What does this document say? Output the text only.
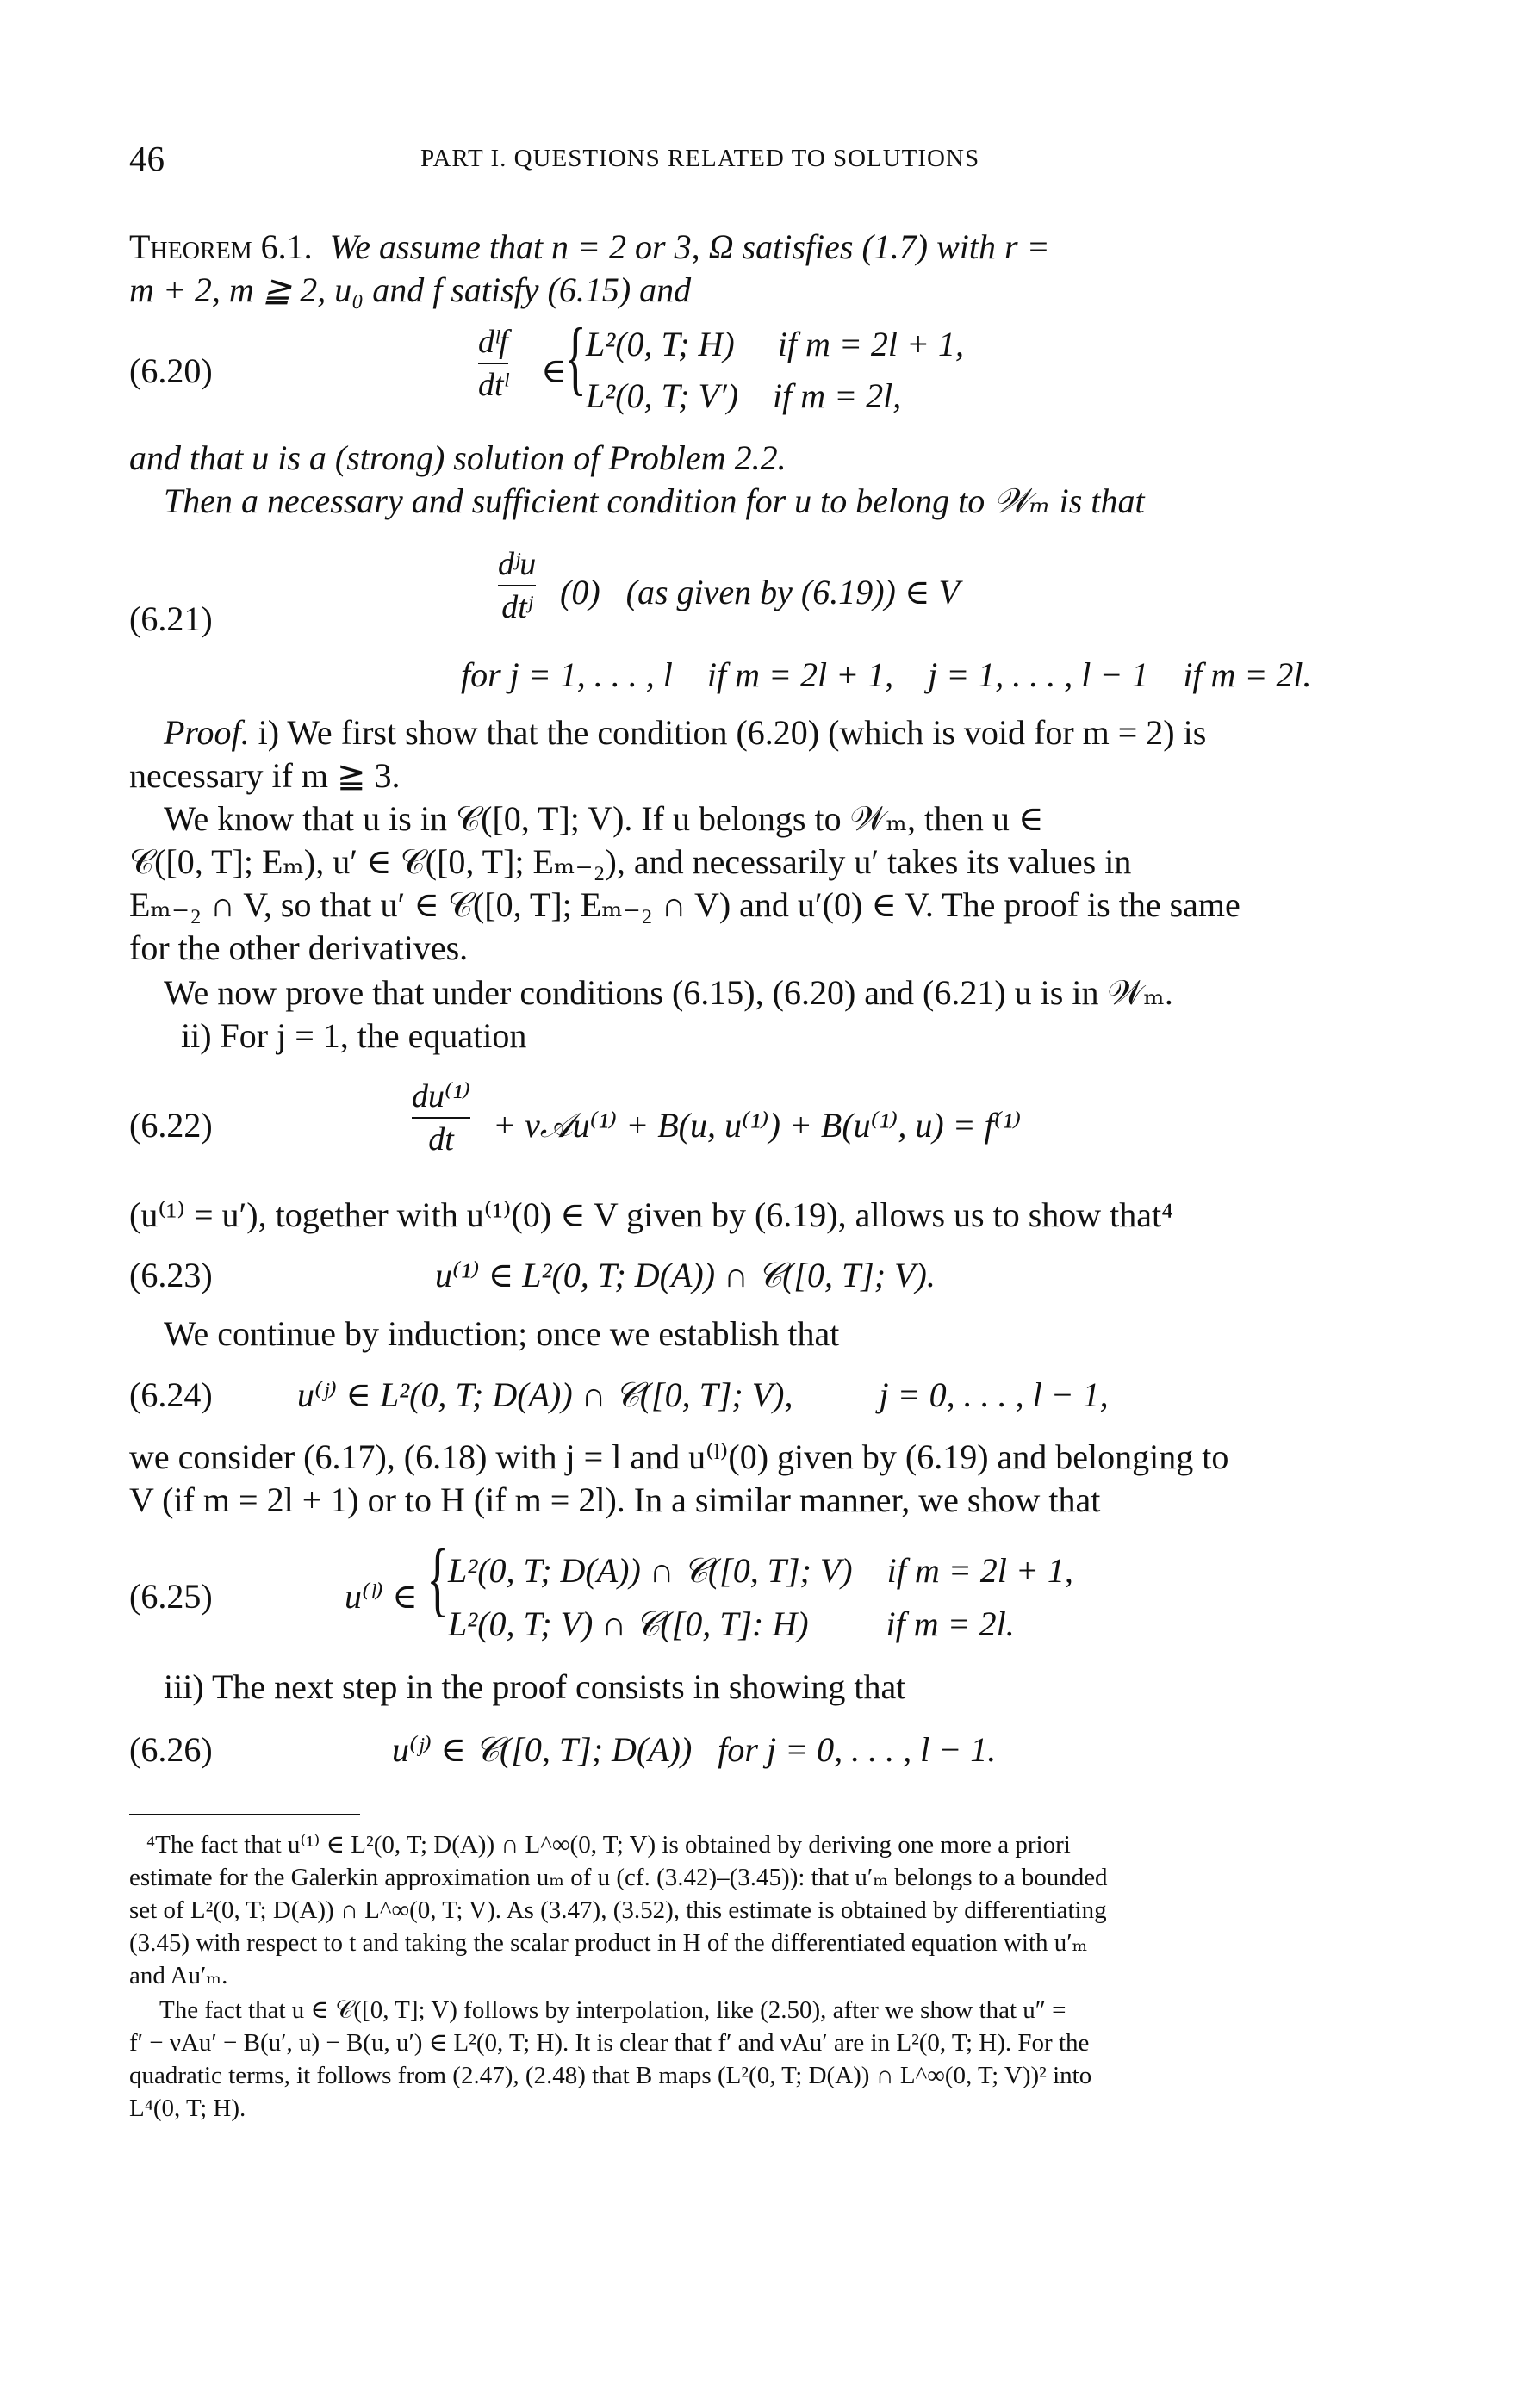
46	PART I. QUESTIONS RELATED TO SOLUTIONS
Theorem 6.1. We assume that n = 2 or 3, Ω satisfies (1.7) with r =
m + 2, m ≧ 2, u₀ and f satisfy (6.15) and
(6.20)
dˡf
dtˡ ∈
{ L²(0, T; H)     if m = 2l + 1,
L²(0, T; V′)    if m = 2l,
and that u is a (strong) solution of Problem 2.2.
Then a necessary and sufficient condition for u to belong to 𝒲ₘ is that
(6.21)
dʲu
dtʲ (0)   (as given by (6.19)) ∈ V
for j = 1, . . . , l    if m = 2l + 1,    j = 1, . . . , l − 1    if m = 2l.
Proof. i) We first show that the condition (6.20) (which is void for m = 2) is
necessary if m ≧ 3.
We know that u is in 𝒞([0, T]; V). If u belongs to 𝒲ₘ, then u ∈
𝒞([0, T]; Eₘ), u′ ∈ 𝒞([0, T]; Eₘ₋₂), and necessarily u′ takes its values in
Eₘ₋₂ ∩ V, so that u′ ∈ 𝒞([0, T]; Eₘ₋₂ ∩ V) and u′(0) ∈ V. The proof is the same
for the other derivatives.
We now prove that under conditions (6.15), (6.20) and (6.21) u is in 𝒲ₘ.
ii) For j = 1, the equation
(6.22)
du⁽¹⁾
dt + ν𝒜u⁽¹⁾ + B(u, u⁽¹⁾) + B(u⁽¹⁾, u) = f⁽¹⁾
(u⁽¹⁾ = u′), together with u⁽¹⁾(0) ∈ V given by (6.19), allows us to show that⁴
(6.23)	u⁽¹⁾ ∈ L²(0, T; D(A)) ∩ 𝒞([0, T]; V).
We continue by induction; once we establish that
(6.24) u⁽ʲ⁾ ∈ L²(0, T; D(A)) ∩ 𝒞([0, T]; V),          j = 0, . . . , l − 1,
we consider (6.17), (6.18) with j = l and u⁽ˡ⁾(0) given by (6.19) and belonging to
V (if m = 2l + 1) or to H (if m = 2l). In a similar manner, we show that
(6.25)	u⁽ˡ⁾ ∈ { L²(0, T; D(A)) ∩ 𝒞([0, T]; V)    if m = 2l + 1,
L²(0, T; V) ∩ 𝒞([0, T]: H)         if m = 2l.
iii) The next step in the proof consists in showing that
(6.26)	u⁽ʲ⁾ ∈ 𝒞([0, T]; D(A))   for j = 0, . . . , l − 1.
⁴The fact that u⁽¹⁾ ∈ L²(0, T; D(A)) ∩ L^∞(0, T; V) is obtained by deriving one more a priori
estimate for the Galerkin approximation uₘ of u (cf. (3.42)–(3.45)): that u′ₘ belongs to a bounded
set of L²(0, T; D(A)) ∩ L^∞(0, T; V). As (3.47), (3.52), this estimate is obtained by differentiating
(3.45) with respect to t and taking the scalar product in H of the differentiated equation with u′ₘ
and Au′ₘ.
The fact that u ∈ 𝒞([0, T]; V) follows by interpolation, like (2.50), after we show that u″ =
f′ − νAu′ − B(u′, u) − B(u, u′) ∈ L²(0, T; H). It is clear that f′ and νAu′ are in L²(0, T; H). For the
quadratic terms, it follows from (2.47), (2.48) that B maps (L²(0, T; D(A)) ∩ L^∞(0, T; V))² into
L⁴(0, T; H).
